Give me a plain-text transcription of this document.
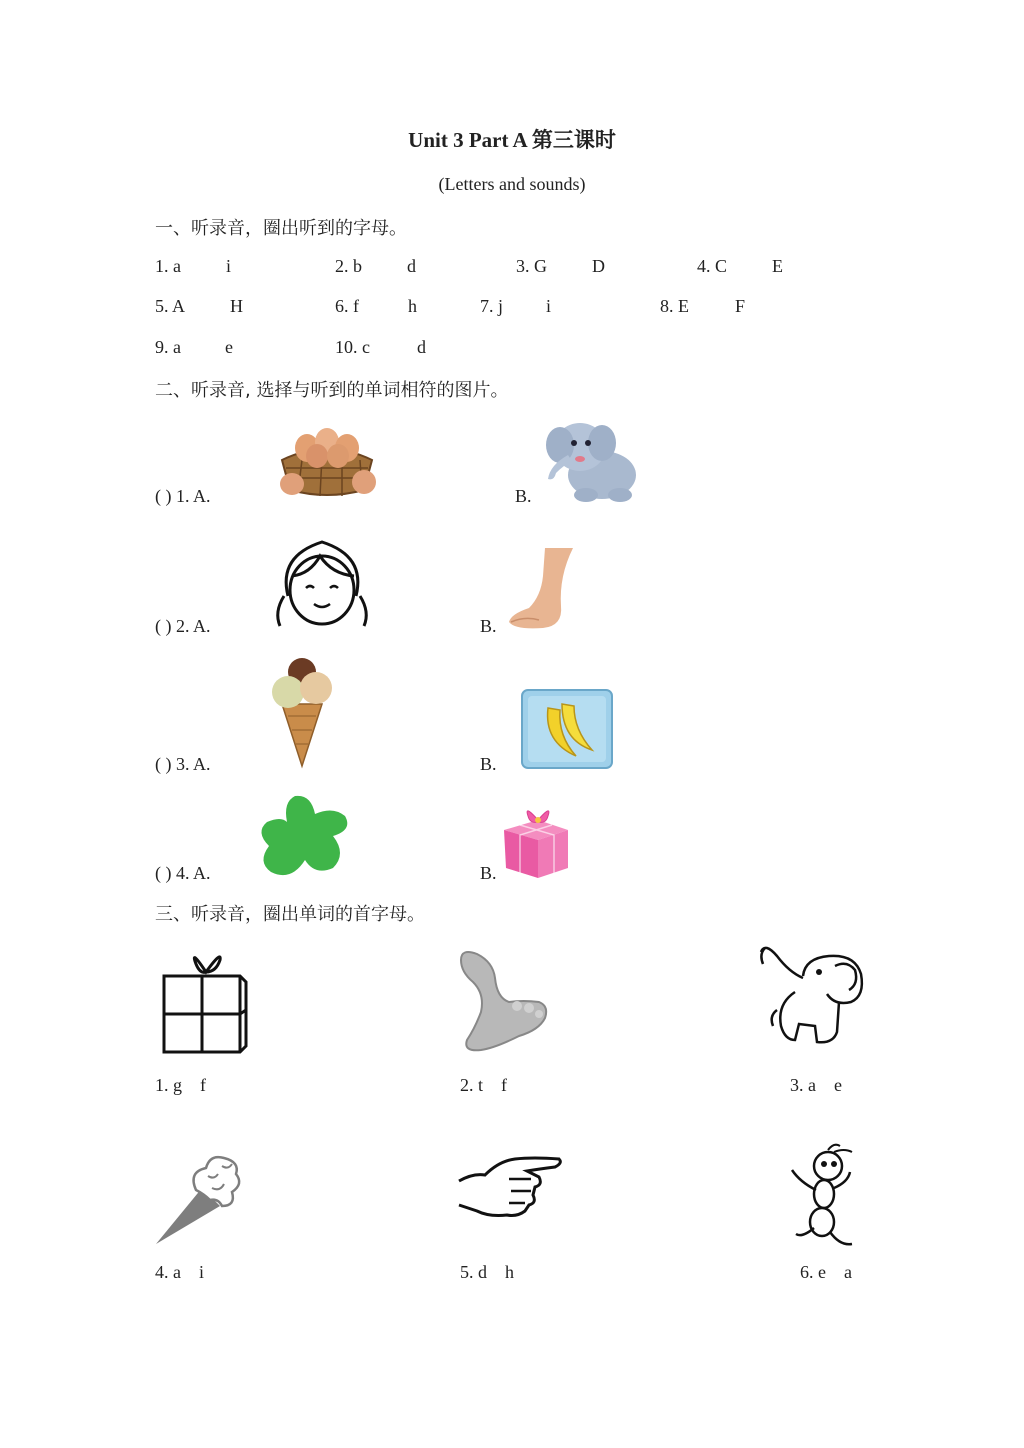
Unit 3 Part A 第三课时
(Letters and sounds)
一、听录音，圈出听到的字母。
1. a	i	2. b	d	3. G	D	4. C E
5. A H	6. f	h	7. j i	8. E	F
9. a e	10. c	d
二、听录音, 选择与听到的单词相符的图片。
( ) 1. A.	B.
( ) 2. A.	B.
( ) 3. A.	B.
( ) 4. A.	B.
三、听录音，圈出单词的首字母。
1. g    f	2. t    f	3. a    e
4. a    i	5. d    h	6. e    a
